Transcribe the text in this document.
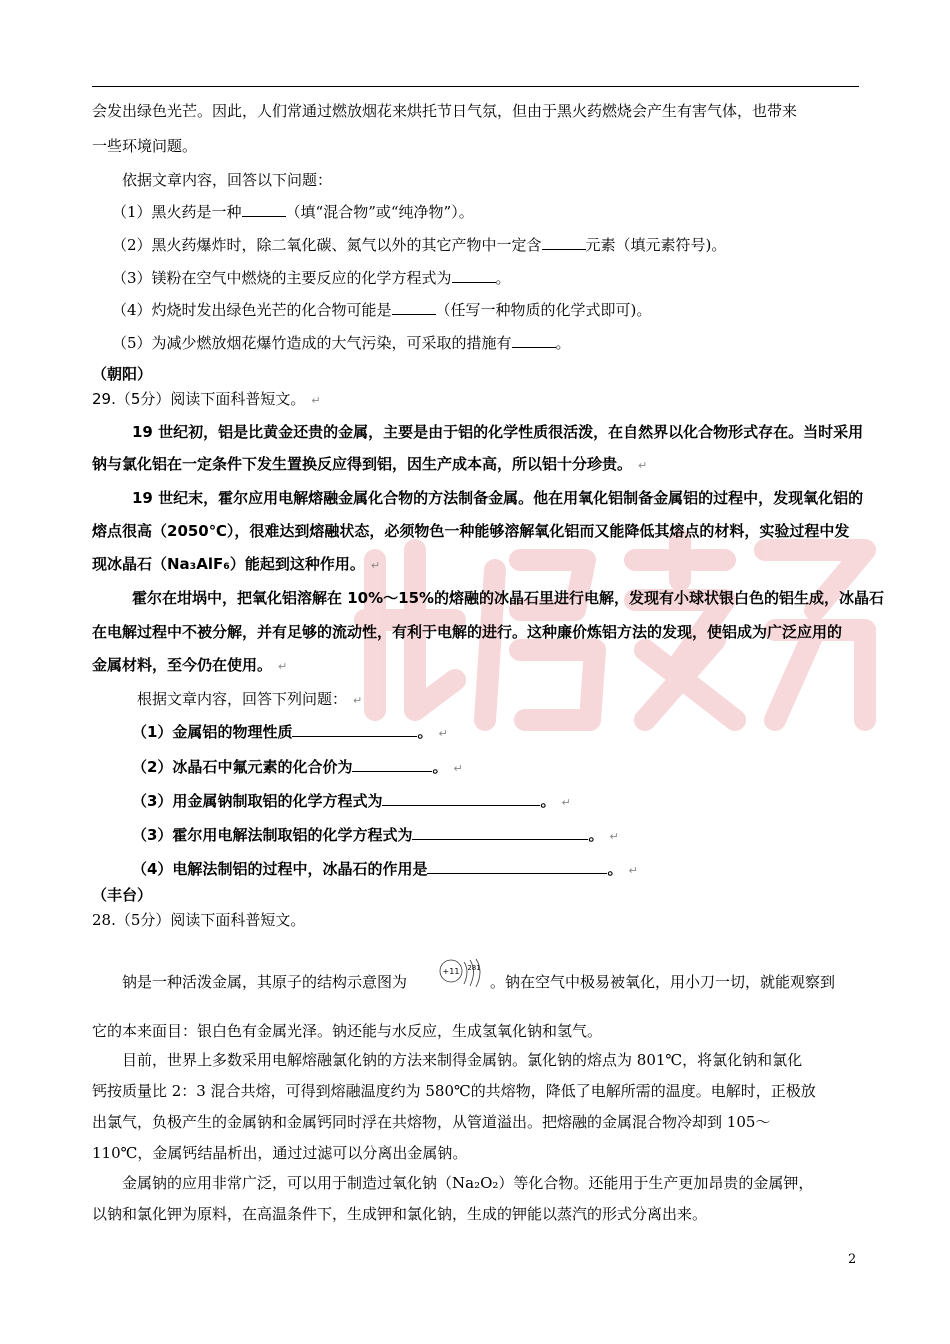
会发出绿色光芒。因此，人们常通过燃放烟花来烘托节日气氛，但由于黑火药燃烧会产生有害气体，也带来
一些环境问题。
依据文章内容，回答以下问题：
（1）黑火药是一种	（填“混合物”或“纯净物”）。
（2）黑火药爆炸时，除二氧化碳、氮气以外的其它产物中一定含	元素（填元素符号)。
（3）镁粉在空气中燃烧的主要反应的化学方程式为	。
（4）灼烧时发出绿色光芒的化合物可能是	（任写一种物质的化学式即可)。
（5）为减少燃放烟花爆竹造成的大气污染，可采取的措施有	。
（朝阳）
29.（5分）阅读下面科普短文。 ↵
19 世纪初，铝是比黄金还贵的金属，主要是由于铝的化学性质很活泼，在自然界以化合物形式存在。当时采用
钠与氯化铝在一定条件下发生置换反应得到铝，因生产成本高，所以铝十分珍贵。 ↵
19 世纪末，霍尔应用电解熔融金属化合物的方法制备金属。他在用氧化铝制备金属铝的过程中，发现氧化铝的
熔点很高（2050℃），很难达到熔融状态，必须物色一种能够溶解氧化铝而又能降低其熔点的材料，实验过程中发
现冰晶石（Na₃AlF₆）能起到这种作用。 ↵
霍尔在坩埚中，把氧化铝溶解在 10%～15%的熔融的冰晶石里进行电解，发现有小球状银白色的铝生成，冰晶石
在电解过程中不被分解，并有足够的流动性，有利于电解的进行。这种廉价炼铝方法的发现，使铝成为广泛应用的
金属材料，至今仍在使用。 ↵
根据文章内容，回答下列问题： ↵
（1）金属铝的物理性质	。 ↵
（2）冰晶石中氟元素的化合价为	。 ↵
（3）用金属钠制取铝的化学方程式为	。 ↵
（3）霍尔用电解法制取铝的化学方程式为	。 ↵
（4）电解法制铝的过程中，冰晶石的作用是	。 ↵
（丰台）
28.（5分）阅读下面科普短文。
钠是一种活泼金属，其原子的结构示意图为
+11 281
。钠在空气中极易被氧化，用小刀一切，就能观察到
它的本来面目：银白色有金属光泽。钠还能与水反应，生成氢氧化钠和氢气。
目前，世界上多数采用电解熔融氯化钠的方法来制得金属钠。氯化钠的熔点为 801℃，将氯化钠和氯化
钙按质量比 2：3 混合共熔，可得到熔融温度约为 580℃的共熔物，降低了电解所需的温度。电解时，正极放
出氯气，负极产生的金属钠和金属钙同时浮在共熔物，从管道溢出。把熔融的金属混合物冷却到 105～
110℃，金属钙结晶析出，通过过滤可以分离出金属钠。
金属钠的应用非常广泛，可以用于制造过氧化钠（Na₂O₂）等化合物。还能用于生产更加昂贵的金属钾，
以钠和氯化钾为原料，在高温条件下，生成钾和氯化钠，生成的钾能以蒸汽的形式分离出来。
2
